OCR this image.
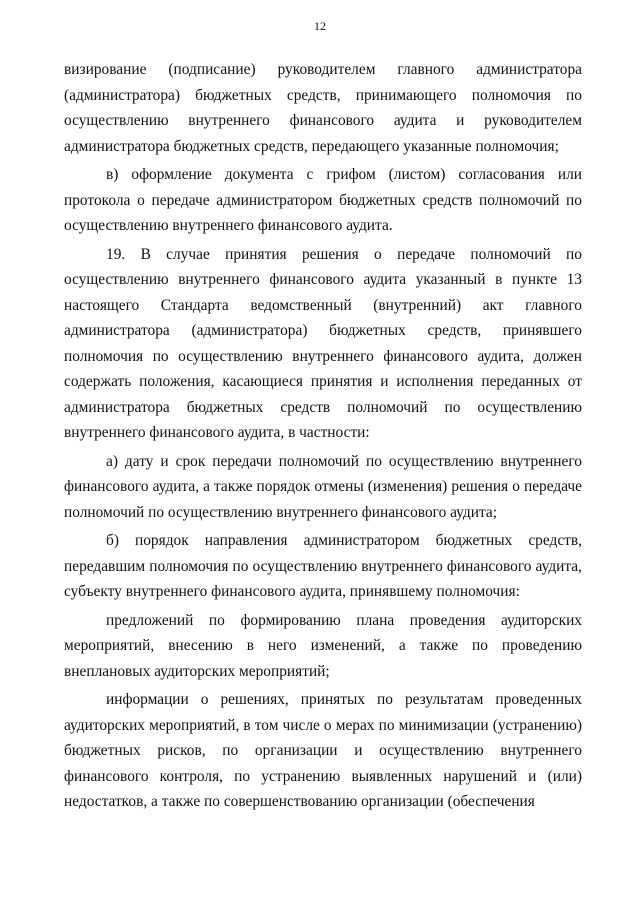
12

визирование (подписание) руководителем главного администратора (администратора) бюджетных средств, принимающего полномочия по осуществлению внутреннего финансового аудита и руководителем администратора бюджетных средств, передающего указанные полномочия;

в) оформление документа с грифом (листом) согласования или протокола о передаче администратором бюджетных средств полномочий по осуществлению внутреннего финансового аудита.

19. В случае принятия решения о передаче полномочий по осуществлению внутреннего финансового аудита указанный в пункте 13 настоящего Стандарта ведомственный (внутренний) акт главного администратора (администратора) бюджетных средств, принявшего полномочия по осуществлению внутреннего финансового аудита, должен содержать положения, касающиеся принятия и исполнения переданных от администратора бюджетных средств полномочий по осуществлению внутреннего финансового аудита, в частности:

а) дату и срок передачи полномочий по осуществлению внутреннего финансового аудита, а также порядок отмены (изменения) решения о передаче полномочий по осуществлению внутреннего финансового аудита;

б) порядок направления администратором бюджетных средств, передавшим полномочия по осуществлению внутреннего финансового аудита, субъекту внутреннего финансового аудита, принявшему полномочия:

предложений по формированию плана проведения аудиторских мероприятий, внесению в него изменений, а также по проведению внеплановых аудиторских мероприятий;

информации о решениях, принятых по результатам проведенных аудиторских мероприятий, в том числе о мерах по минимизации (устранению) бюджетных рисков, по организации и осуществлению внутреннего финансового контроля, по устранению выявленных нарушений и (или) недостатков, а также по совершенствованию организации (обеспечения
